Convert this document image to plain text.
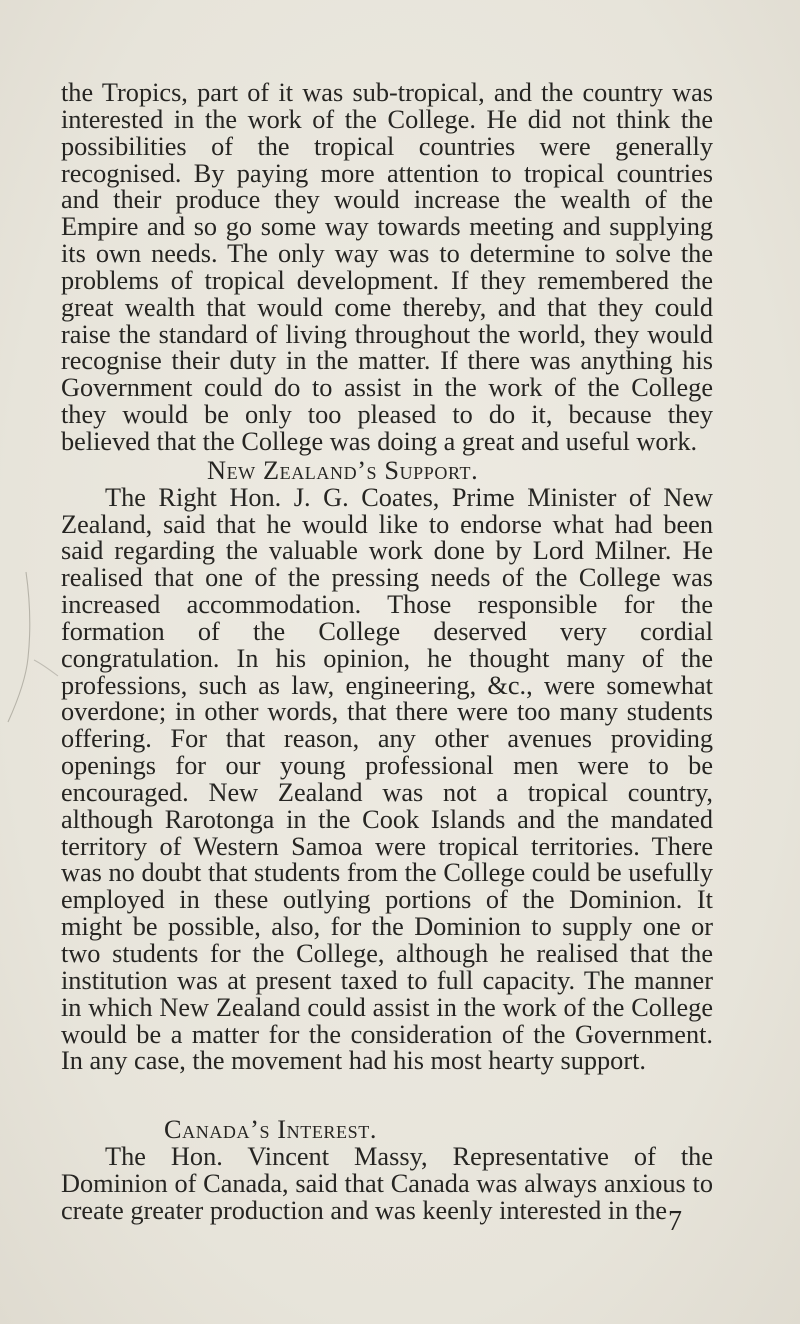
the Tropics, part of it was sub-tropical, and the country was interested in the work of the College. He did not think the possibilities of the tropical countries were generally recognised. By paying more attention to tropical countries and their produce they would increase the wealth of the Empire and so go some way towards meeting and supplying its own needs. The only way was to determine to solve the problems of tropical development. If they remembered the great wealth that would come thereby, and that they could raise the standard of living throughout the world, they would recognise their duty in the matter. If there was anything his Government could do to assist in the work of the College they would be only too pleased to do it, because they believed that the College was doing a great and useful work.

New Zealand’s Support.

The Right Hon. J. G. Coates, Prime Minister of New Zealand, said that he would like to endorse what had been said regarding the valuable work done by Lord Milner. He realised that one of the pressing needs of the College was increased accommodation. Those responsible for the formation of the College deserved very cordial congratulation. In his opinion, he thought many of the professions, such as law, engineering, &c., were somewhat overdone; in other words, that there were too many students offering. For that reason, any other avenues providing openings for our young professional men were to be encouraged. New Zealand was not a tropical country, although Rarotonga in the Cook Islands and the mandated territory of Western Samoa were tropical territories. There was no doubt that students from the College could be usefully employed in these outlying portions of the Dominion. It might be possible, also, for the Dominion to supply one or two students for the College, although he realised that the institution was at present taxed to full capacity. The manner in which New Zealand could assist in the work of the College would be a matter for the consideration of the Government. In any case, the movement had his most hearty support.

Canada’s Interest.

The Hon. Vincent Massy, Representative of the Dominion of Canada, said that Canada was always anxious to create greater production and was keenly interested in the 7
